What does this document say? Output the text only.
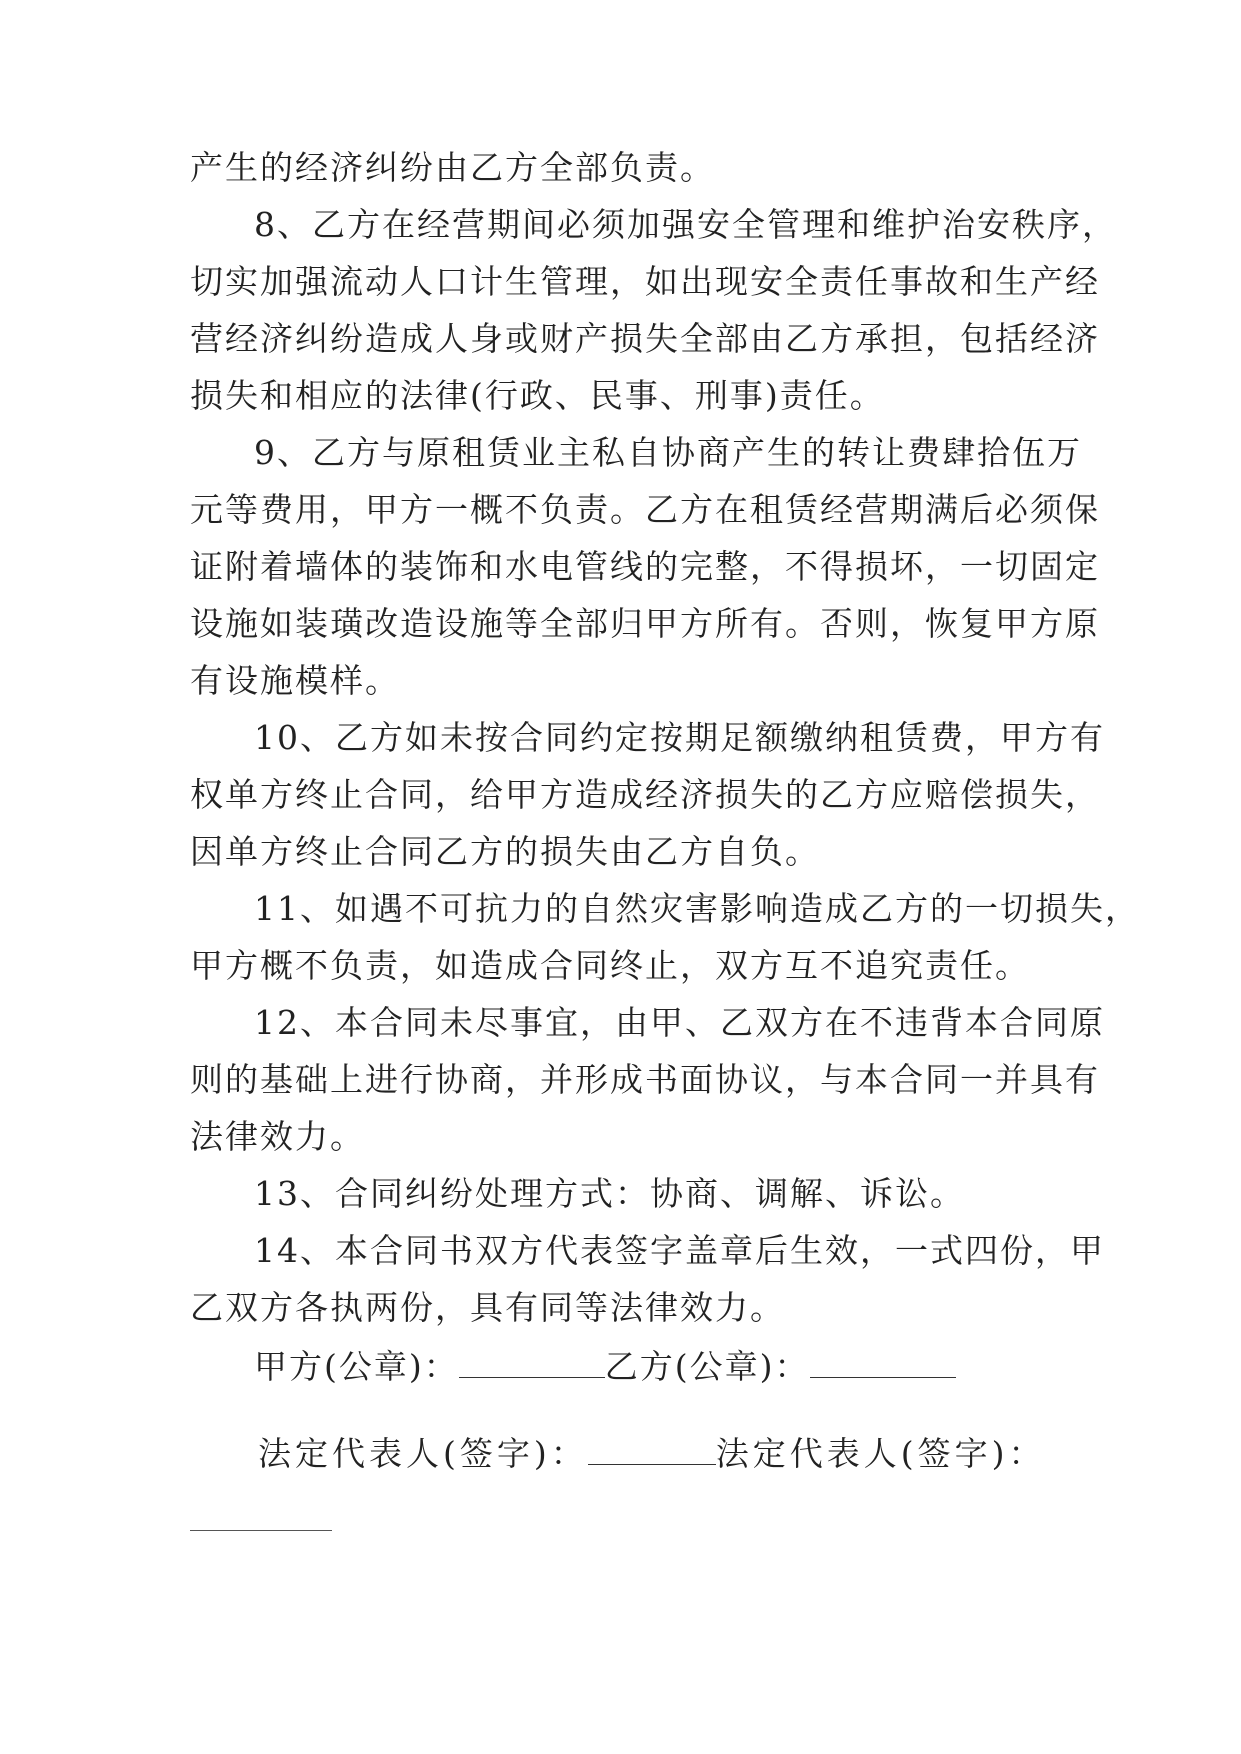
产生的经济纠纷由乙方全部负责。
8、乙方在经营期间必须加强安全管理和维护治安秩序，
切实加强流动人口计生管理，如出现安全责任事故和生产经
营经济纠纷造成人身或财产损失全部由乙方承担，包括经济
损失和相应的法律(行政、民事、刑事)责任。
9、乙方与原租赁业主私自协商产生的转让费肆拾伍万
元等费用，甲方一概不负责。乙方在租赁经营期满后必须保
证附着墙体的装饰和水电管线的完整，不得损坏，一切固定
设施如装璜改造设施等全部归甲方所有。否则，恢复甲方原
有设施模样。
10、乙方如未按合同约定按期足额缴纳租赁费，甲方有
权单方终止合同，给甲方造成经济损失的乙方应赔偿损失，
因单方终止合同乙方的损失由乙方自负。
11、如遇不可抗力的自然灾害影响造成乙方的一切损失，
甲方概不负责，如造成合同终止，双方互不追究责任。
12、本合同未尽事宜，由甲、乙双方在不违背本合同原
则的基础上进行协商，并形成书面协议，与本合同一并具有
法律效力。
13、合同纠纷处理方式：协商、调解、诉讼。
14、本合同书双方代表签字盖章后生效，一式四份，甲
乙双方各执两份，具有同等法律效力。
甲方(公章)：	乙方(公章)：
法定代表人(签字)：	法定代表人(签字)：
